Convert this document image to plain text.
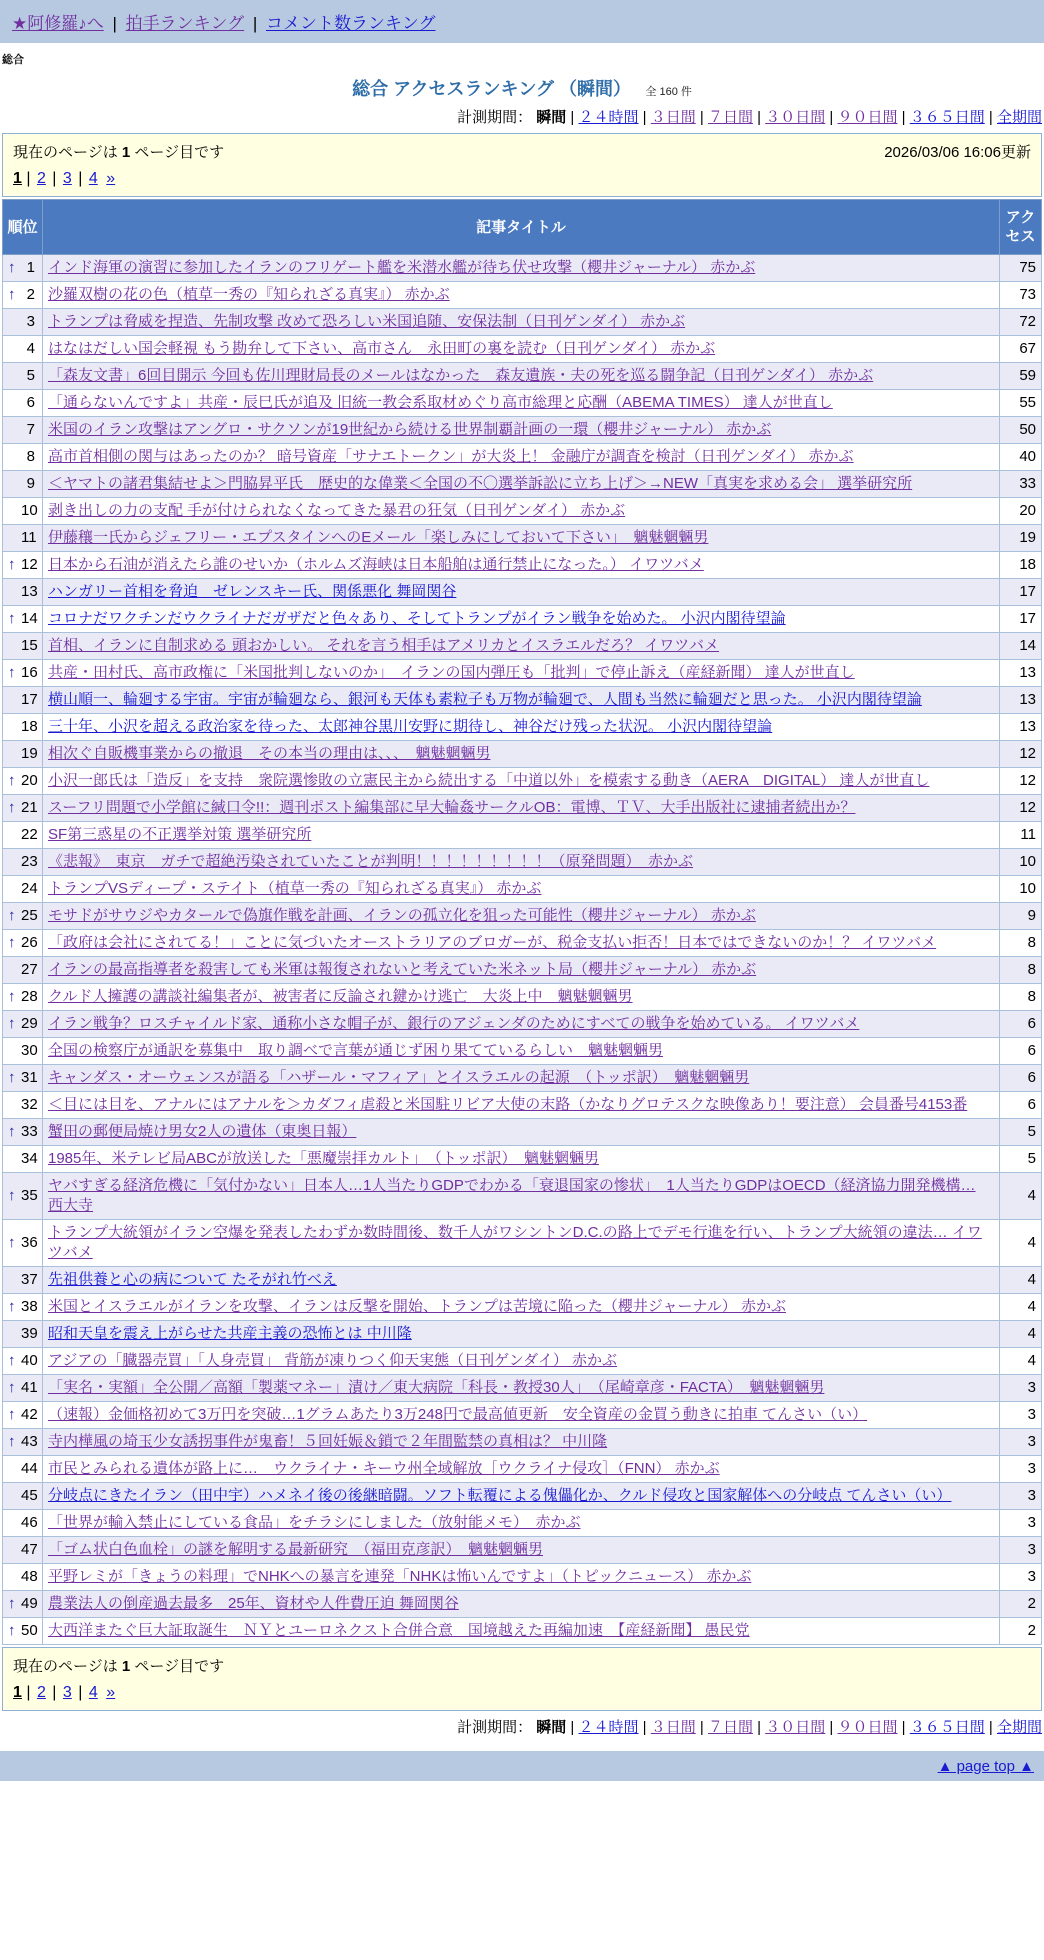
★阿修羅♪へ | 拍手ランキング | コメント数ランキング
総合
総合 アクセスランキング （瞬間） 全 160 件
計測期間： 瞬間 | ２４時間 | ３日間 | ７日間 | ３０日間 | ９０日間 | ３６５日間 | 全期間
現在のページは 1 ページ目です	2026/03/06 16:06更新
1 | 2 | 3 | 4 »
順位	記事タイトル	アクセス

↑ 1	インド海軍の演習に参加したイランのフリゲート艦を米潜水艦が待ち伏せ攻撃（櫻井ジャーナル） 赤かぶ	75

↑ 2	沙羅双樹の花の色（植草一秀の『知られざる真実』） 赤かぶ	73

3	トランプは脅威を捏造、先制攻撃 改めて恐ろしい米国追随、安保法制（日刊ゲンダイ） 赤かぶ	72

4	はなはだしい国会軽視 もう勘弁して下さい、高市さん　永田町の裏を読む（日刊ゲンダイ） 赤かぶ	67

5	「森友文書」6回目開示 今回も佐川理財局長のメールはなかった　森友遺族・夫の死を巡る闘争記（日刊ゲンダイ） 赤かぶ	59

6	「通らないんですよ」共産・辰巳氏が追及 旧統一教会系取材めぐり高市総理と応酬（ABEMA TIMES） 達人が世直し	55

7	米国のイラン攻撃はアングロ・サクソンが19世紀から続ける世界制覇計画の一環（櫻井ジャーナル） 赤かぶ	50

8	高市首相側の関与はあったのか？ 暗号資産「サナエトークン」が大炎上！ 金融庁が調査を検討（日刊ゲンダイ） 赤かぶ	40

9	＜ヤマトの諸君集結せよ＞門脇昇平氏　歴史的な偉業＜全国の不〇選挙訴訟に立ち上げ＞→NEW「真実を求める会」 選挙研究所	33

10	剥き出しの力の支配 手が付けられなくなってきた暴君の狂気（日刊ゲンダイ） 赤かぶ	20

11	伊藤穰一氏からジェフリー・エプスタインへのEメール「楽しみにしておいて下さい」　魑魅魍魎男	19

↑ 12	日本から石油が消えたら誰のせいか（ホルムズ海峡は日本船舶は通行禁止になった。） イワツバメ	18

13	ハンガリー首相を脅迫　ゼレンスキー氏、関係悪化 舞岡関谷	17

↑ 14	コロナだワクチンだウクライナだガザだと色々あり、そしてトランプがイラン戦争を始めた。 小沢内閣待望論	17

15	首相、イランに自制求める 頭おかしい。 それを言う相手はアメリカとイスラエルだろ？ イワツバメ	14

↑ 16	共産・田村氏、高市政権に「米国批判しないのか」　イランの国内弾圧も「批判」で停止訴え（産経新聞） 達人が世直し	13

17	横山順一、輪廻する宇宙。宇宙が輪廻なら、銀河も天体も素粒子も万物が輪廻で、人間も当然に輪廻だと思った。 小沢内閣待望論	13

18	三十年、小沢を超える政治家を待った、太郎神谷黒川安野に期待し、神谷だけ残った状況。 小沢内閣待望論	13

19	相次ぐ自販機事業からの撤退　その本当の理由は、、、　魑魅魍魎男	12

↑ 20	小沢一郎氏は「造反」を支持　衆院選惨敗の立憲民主から続出する「中道以外」を模索する動き（AERA　DIGITAL） 達人が世直し	12

↑ 21	スーフリ問題で小学館に緘口令!!：週刊ポスト編集部に早大輪姦サークルOB：電博、ＴＶ、大手出版社に逮捕者続出か？	12

22	SF第三惑星の不正選挙対策 選挙研究所	11

23	《悲報》　東京　ガチで超絶汚染されていたことが判明！！！！！！！！！（原発問題）　赤かぶ	10

24	トランプVSディープ・ステイト（植草一秀の『知られざる真実』） 赤かぶ	10

↑ 25	モサドがサウジやカタールで偽旗作戦を計画、イランの孤立化を狙った可能性（櫻井ジャーナル） 赤かぶ	9

↑ 26	「政府は会社にされてる！」ことに気づいたオーストラリアのブロガーが、税金支払い拒否！日本ではできないのか！？ イワツバメ	8

27	イランの最高指導者を殺害しても米軍は報復されないと考えていた米ネット局（櫻井ジャーナル） 赤かぶ	8

↑ 28	クルド人擁護の講談社編集者が、被害者に反論され鍵かけ逃亡　大炎上中　魑魅魍魎男	8

↑ 29	イラン戦争？ロスチャイルド家、通称小さな帽子が、銀行のアジェンダのためにすべての戦争を始めている。 イワツバメ	6

30	全国の検察庁が通訳を募集中　取り調べで言葉が通じず困り果てているらしい　魑魅魍魎男	6

↑ 31	キャンダス・オーウェンスが語る「ハザール・マフィア」とイスラエルの起源　（トッポ訳）　魑魅魍魎男	6

32	＜目には目を、アナルにはアナルを＞カダフィ虐殺と米国駐リビア大使の末路（かなりグロテスクな映像あり！要注意） 会員番号4153番	6

↑ 33	蟹田の郵便局焼け男女2人の遺体（東奥日報）	5

34	1985年、米テレビ局ABCが放送した「悪魔崇拝カルト」　（トッポ訳）　魑魅魍魎男	5

↑ 35	ヤバすぎる経済危機に「気付かない」日本人…1人当たりGDPでわかる「衰退国家の惨状」　1人当たりGDPはOECD（経済協力開発機構… 西大寺	4

↑ 36	トランプ大統領がイラン空爆を発表したわずか数時間後、数千人がワシントンD.C.の路上でデモ行進を行い、トランプ大統領の違法… イワツバメ	4

37	先祖供養と心の病について たそがれ竹べえ	4

↑ 38	米国とイスラエルがイランを攻撃、イランは反撃を開始、トランプは苦境に陥った（櫻井ジャーナル） 赤かぶ	4

39	昭和天皇を震え上がらせた共産主義の恐怖とは 中川隆	4

↑ 40	アジアの「臓器売買」「人身売買」 背筋が凍りつく仰天実態（日刊ゲンダイ） 赤かぶ	4

↑ 41	「実名・実額」全公開／高額「製薬マネー」漬け／東大病院「科長・教授30人」　（尾崎章彦・FACTA）　魑魅魍魎男	3

↑ 42	（速報）金価格初めて3万円を突破…1グラムあたり3万248円で最高値更新　安全資産の金買う動きに拍車 てんさい（い）	3

↑ 43	寺内樺風の埼玉少女誘拐事件が鬼畜！５回妊娠＆鎖で２年間監禁の真相は？ 中川隆	3

44	市民とみられる遺体が路上に…　ウクライナ・キーウ州全域解放［ウクライナ侵攻］（FNN） 赤かぶ	3

45	分岐点にきたイラン（田中宇）ハメネイ後の後継暗闘。ソフト転覆による傀儡化か、クルド侵攻と国家解体への分岐点 てんさい（い）	3

46	「世界が輸入禁止にしている食品」をチラシにしました（放射能メモ）　赤かぶ	3

47	「ゴム状白色血栓」の謎を解明する最新研究　（福田克彦訳）　魑魅魍魎男	3

48	平野レミが「きょうの料理」でNHKへの暴言を連発「NHKは怖いんですよ」（トピックニュース） 赤かぶ	3

↑ 49	農業法人の倒産過去最多　25年、資材や人件費圧迫 舞岡関谷	2

↑ 50	大西洋またぐ巨大証取誕生　ＮＹとユーロネクスト合併合意　国境越えた再編加速　【産経新聞】 愚民党	2
現在のページは 1 ページ目です
1 | 2 | 3 | 4 »
計測期間： 瞬間 | ２４時間 | ３日間 | ７日間 | ３０日間 | ９０日間 | ３６５日間 | 全期間
▲ page top ▲
